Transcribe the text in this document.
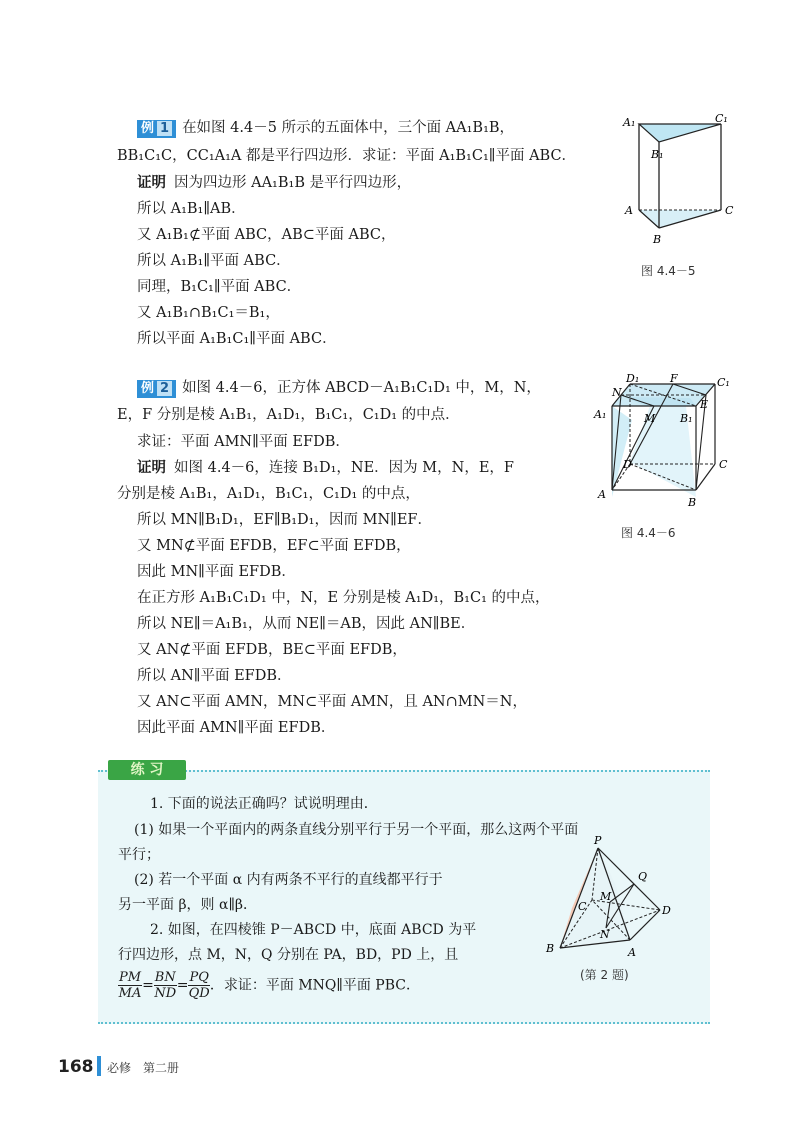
例 1 在如图 4.4－5 所示的五面体中，三个面 AA₁B₁B，
BB₁C₁C，CC₁A₁A 都是平行四边形．求证：平面 A₁B₁C₁∥平面 ABC．
证明 因为四边形 AA₁B₁B 是平行四边形，
所以 A₁B₁∥AB．
又 A₁B₁⊄平面 ABC，AB⊂平面 ABC，
所以 A₁B₁∥平面 ABC．
同理，B₁C₁∥平面 ABC．
又 A₁B₁∩B₁C₁＝B₁，
所以平面 A₁B₁C₁∥平面 ABC．
A₁	C₁
B₁
A	C
B
图 4.4－5
例 2 如图 4.4－6，正方体 ABCD－A₁B₁C₁D₁ 中，M，N，
E，F 分别是棱 A₁B₁，A₁D₁，B₁C₁，C₁D₁ 的中点．
求证：平面 AMN∥平面 EFDB．
证明 如图 4.4－6，连接 B₁D₁，NE．因为 M，N，E，F
分别是棱 A₁B₁，A₁D₁，B₁C₁，C₁D₁ 的中点，
所以 MN∥B₁D₁，EF∥B₁D₁，因而 MN∥EF．
又 MN⊄平面 EFDB，EF⊂平面 EFDB，
因此 MN∥平面 EFDB．
在正方形 A₁B₁C₁D₁ 中，N，E 分别是棱 A₁D₁，B₁C₁ 的中点，
所以 NE∥＝A₁B₁，从而 NE∥＝AB，因此 AN∥BE．
又 AN⊄平面 EFDB，BE⊂平面 EFDB，
所以 AN∥平面 EFDB．
又 AN⊂平面 AMN，MN⊂平面 AMN，且 AN∩MN＝N，
因此平面 AMN∥平面 EFDB．
D₁	F	C₁
N
E
A₁	M B₁
D	C
A
B
图 4.4－6
练 习
1. 下面的说法正确吗？试说明理由．
(1) 如果一个平面内的两条直线分别平行于另一个平面，那么这两个平面
平行；
(2) 若一个平面 α 内有两条不平行的直线都平行于
另一平面 β，则 α∥β．
2. 如图，在四棱锥 P－ABCD 中，底面 ABCD 为平
行四边形，点 M，N，Q 分别在 PA，BD，PD 上，且
$\frac{PM}{MA} = \frac{BN}{ND} = \frac{PQ}{QD}$ ．求证：平面 MNQ∥平面 PBC．
P
Q
M
C	D
N
B	A
(第 2 题)
168 必修　第二册
